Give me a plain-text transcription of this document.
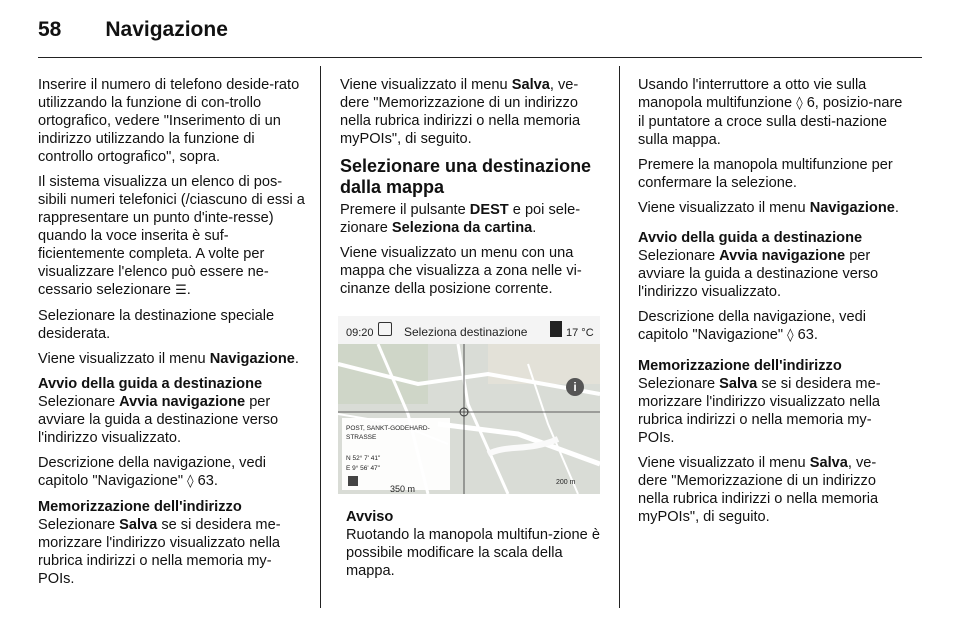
58 Navigazione

Inserire il numero di telefono deside-rato utilizzando la funzione di con-trollo ortografico, vedere "Inserimento di un indirizzo utilizzando la funzione di controllo ortografico", sopra.

Il sistema visualizza un elenco di pos-sibili numeri telefonici (/ciascuno di essi a rappresentare un punto d'inte-resse) quando la voce inserita è suf-ficientemente completa. A volte per visualizzare l'elenco può essere ne-cessario selezionare ☰.

Selezionare la destinazione speciale desiderata.

Viene visualizzato il menu Navigazione.

Avvio della guida a destinazione

Selezionare Avvia navigazione per avviare la guida a destinazione verso l'indirizzo visualizzato.

Descrizione della navigazione, vedi capitolo "Navigazione" ◊ 63.

Memorizzazione dell'indirizzo

Selezionare Salva se si desidera me-morizzare l'indirizzo visualizzato nella rubrica indirizzi o nella memoria my-POIs.

Viene visualizzato il menu Salva, ve-dere "Memorizzazione di un indirizzo nella rubrica indirizzi o nella memoria myPOIs", di seguito.

Selezionare una destinazione dalla mappa

Premere il pulsante DEST e poi sele-zionare Seleziona da cartina.

Viene visualizzato un menu con una mappa che visualizza a zona nelle vi-cinanze della posizione corrente.

09:20	Seleziona destinazione	17 °C
i
POST, SANKT-GODEHARD-STRASSE
N 52° 7' 41"
E 9° 56' 47"
350 m
200 m
Avviso

Ruotando la manopola multifun-zione è possibile modificare la scala della mappa.

Usando l'interruttore a otto vie sulla manopola multifunzione ◊ 6, posizio-nare il puntatore a croce sulla desti-nazione sulla mappa.

Premere la manopola multifunzione per confermare la selezione.

Viene visualizzato il menu Navigazione.

Avvio della guida a destinazione

Selezionare Avvia navigazione per avviare la guida a destinazione verso l'indirizzo visualizzato.

Descrizione della navigazione, vedi capitolo "Navigazione" ◊ 63.

Memorizzazione dell'indirizzo

Selezionare Salva se si desidera me-morizzare l'indirizzo visualizzato nella rubrica indirizzi o nella memoria my-POIs.

Viene visualizzato il menu Salva, ve-dere "Memorizzazione di un indirizzo nella rubrica indirizzi o nella memoria myPOIs", di seguito.
